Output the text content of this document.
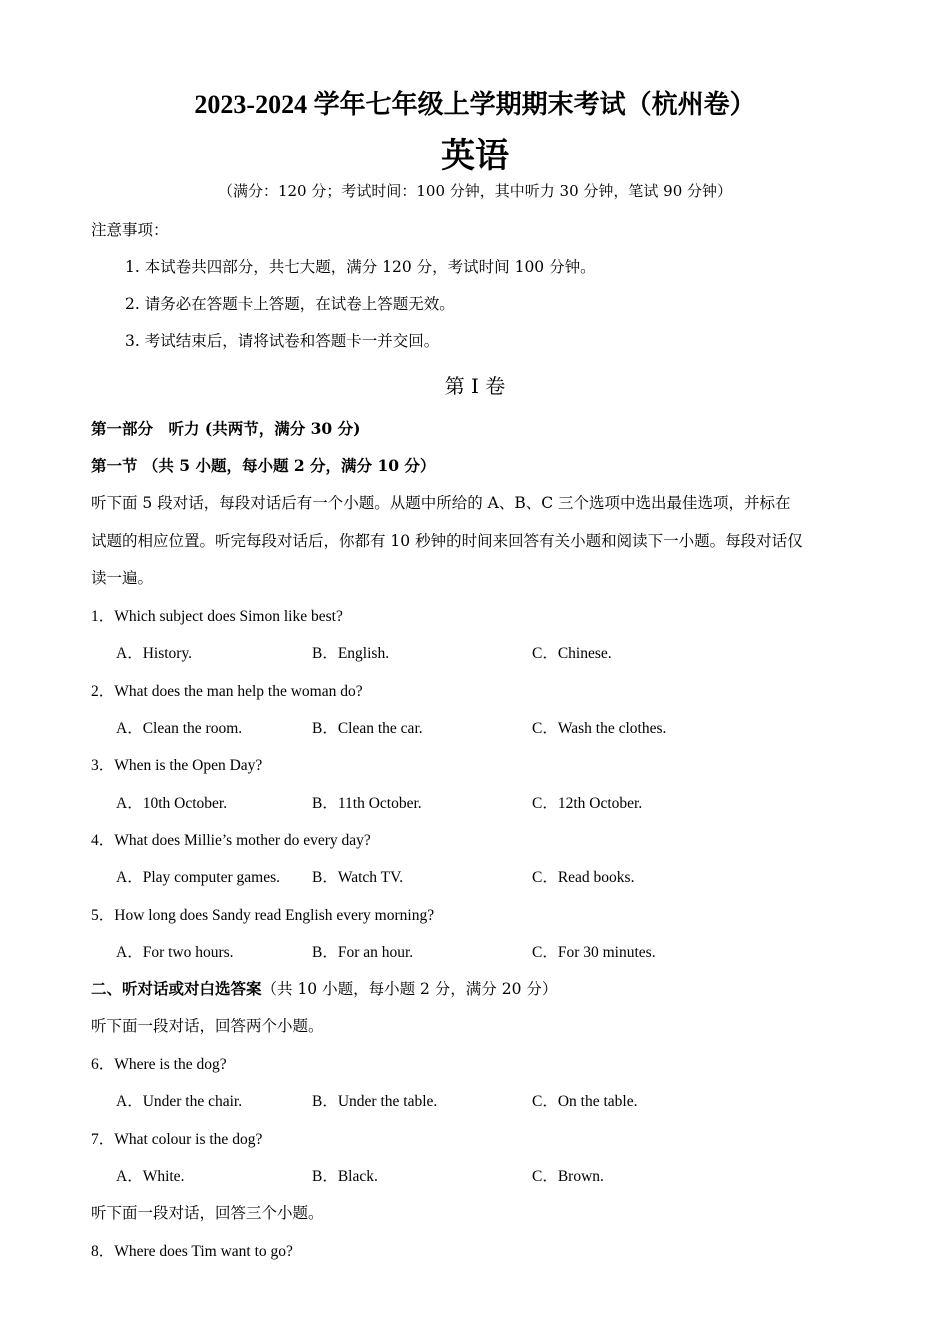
2023-2024 学年七年级上学期期末考试（杭州卷）
英语
（满分：120 分；考试时间：100 分钟，其中听力 30 分钟，笔试 90 分钟）
注意事项：
1. 本试卷共四部分，共七大题，满分 120 分，考试时间 100 分钟。
2. 请务必在答题卡上答题，在试卷上答题无效。
3. 考试结束后，请将试卷和答题卡一并交回。
第 I 卷
第一部分　听力 (共两节，满分 30 分)
第一节 （共 5 小题，每小题 2 分，满分 10 分）
听下面 5 段对话，每段对话后有一个小题。从题中所给的 A、B、C 三个选项中选出最佳选项，并标在
试题的相应位置。听完每段对话后，你都有 10 秒钟的时间来回答有关小题和阅读下一小题。每段对话仅
读一遍。
1．Which subject does Simon like best?
A．History.	B．English.	C．Chinese.
2．What does the man help the woman do?
A．Clean the room.	B．Clean the car.	C．Wash the clothes.
3．When is the Open Day?
A．10th October.	B．11th October.	C．12th October.
4．What does Millie’s mother do every day?
A．Play computer games. B．Watch TV.	C．Read books.
5．How long does Sandy read English every morning?
A．For two hours.	B．For an hour.	C．For 30 minutes.
二、听对话或对白选答案（共 10 小题，每小题 2 分，满分 20 分）
听下面一段对话，回答两个小题。
6．Where is the dog?
A．Under the chair.	B．Under the table.	C．On the table.
7．What colour is the dog?
A．White.	B．Black.	C．Brown.
听下面一段对话，回答三个小题。
8．Where does Tim want to go?
